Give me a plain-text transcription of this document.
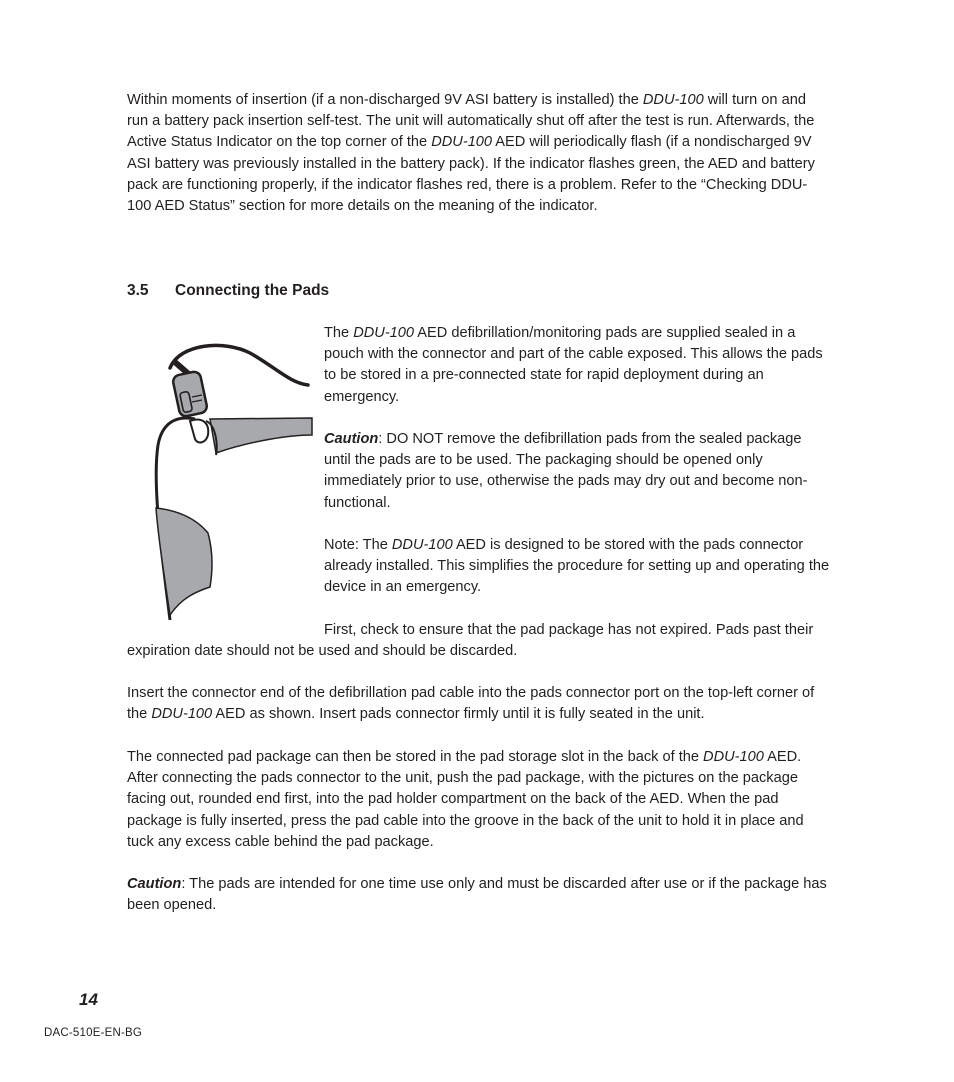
Within moments of insertion (if a non-discharged 9V ASI battery is installed) the DDU-100 will turn on and run a battery pack insertion self-test. The unit will automatically shut off after the test is run. Afterwards, the Active Status Indicator on the top corner of the DDU-100 AED will periodically flash (if a nondischarged 9V ASI battery was previously installed in the battery pack). If the indicator flashes green, the AED and battery pack are functioning properly, if the indicator flashes red, there is a problem. Refer to the “Checking DDU-100 AED Status” section for more details on the meaning of the indicator.

3.5 Connecting the Pads

The DDU-100 AED defibrillation/monitoring pads are supplied sealed in a pouch with the connector and part of the cable exposed. This allows the pads to be stored in a pre-connected state for rapid deployment during an emergency.

Caution: DO NOT remove the defibrillation pads from the sealed package until the pads are to be used. The packaging should be opened only immediately prior to use, otherwise the pads may dry out and become non-functional.

Note: The DDU-100 AED is designed to be stored with the pads connector already installed. This simplifies the procedure for setting up and operating the device in an emergency.

First, check to ensure that the pad package has not expired. Pads past their expiration date should not be used and should be discarded.

Insert the connector end of the defibrillation pad cable into the pads connector port on the top-left corner of the DDU-100 AED as shown. Insert pads connector firmly until it is fully seated in the unit.

The connected pad package can then be stored in the pad storage slot in the back of the DDU-100 AED. After connecting the pads connector to the unit, push the pad package, with the pictures on the package facing out, rounded end first, into the pad holder compartment on the back of the AED. When the pad package is fully inserted, press the pad cable into the groove in the back of the unit to hold it in place and tuck any excess cable behind the pad package.

Caution: The pads are intended for one time use only and must be discarded after use or if the package has been opened.

14

DAC-510E-EN-BG
